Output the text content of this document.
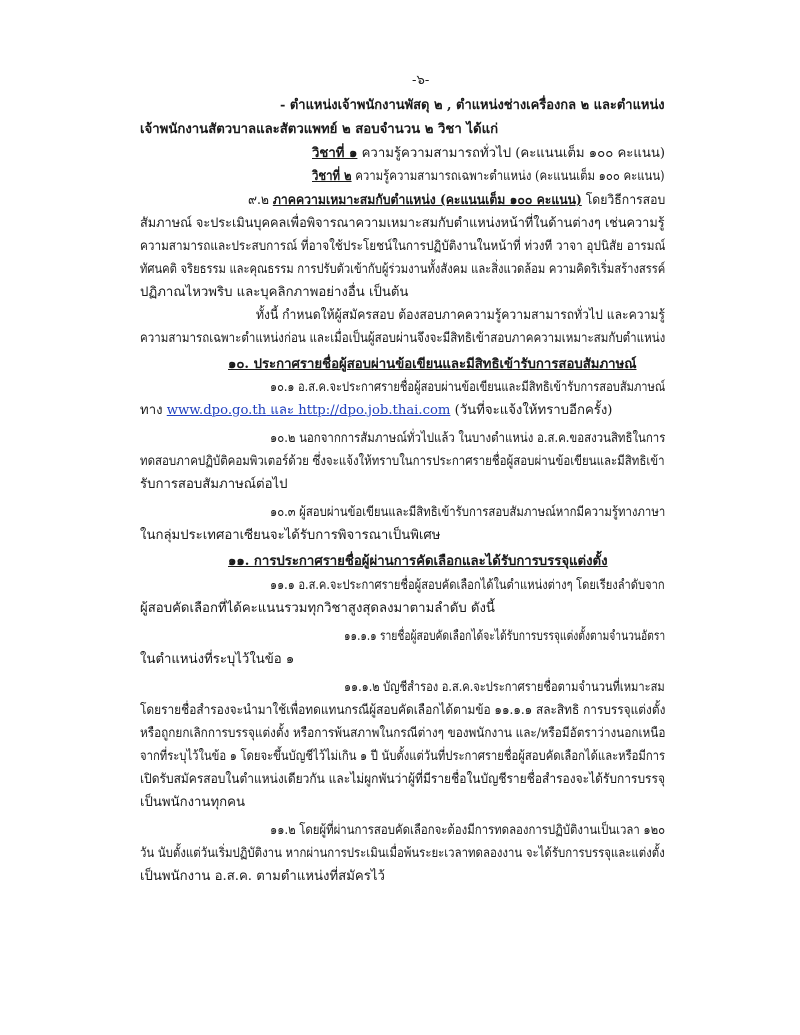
-๖-
- ตำแหน่งเจ้าพนักงานพัสดุ ๒ , ตำแหน่งช่างเครื่องกล ๒ และตำแหน่ง
เจ้าพนักงานสัตวบาลและสัตวแพทย์ ๒ สอบจำนวน ๒ วิชา ได้แก่
วิชาที่ ๑ ความรู้ความสามารถทั่วไป (คะแนนเต็ม ๑๐๐ คะแนน)
วิชาที่ ๒ ความรู้ความสามารถเฉพาะตำแหน่ง (คะแนนเต็ม ๑๐๐ คะแนน)
๙.๒ ภาคความเหมาะสมกับตำแหน่ง (คะแนนเต็ม ๑๐๐ คะแนน) โดยวิธีการสอบ
สัมภาษณ์ จะประเมินบุคคลเพื่อพิจารณาความเหมาะสมกับตำแหน่งหน้าที่ในด้านต่างๆ เช่นความรู้
ความสามารถและประสบการณ์ ที่อาจใช้ประโยชน์ในการปฏิบัติงานในหน้าที่ ท่วงที วาจา อุปนิสัย อารมณ์
ทัศนคติ จริยธรรม และคุณธรรม การปรับตัวเข้ากับผู้ร่วมงานทั้งสังคม และสิ่งแวดล้อม ความคิดริเริ่มสร้างสรรค์
ปฏิภาณไหวพริบ และบุคลิกภาพอย่างอื่น เป็นต้น
ทั้งนี้ กำหนดให้ผู้สมัครสอบ ต้องสอบภาคความรู้ความสามารถทั่วไป และความรู้
ความสามารถเฉพาะตำแหน่งก่อน และเมื่อเป็นผู้สอบผ่านจึงจะมีสิทธิเข้าสอบภาคความเหมาะสมกับตำแหน่ง
๑๐. ประกาศรายชื่อผู้สอบผ่านข้อเขียนและมีสิทธิเข้ารับการสอบสัมภาษณ์
๑๐.๑ อ.ส.ค.จะประกาศรายชื่อผู้สอบผ่านข้อเขียนและมีสิทธิเข้ารับการสอบสัมภาษณ์
ทาง www.dpo.go.th และ http://dpo.job.thai.com (วันที่จะแจ้งให้ทราบอีกครั้ง)
๑๐.๒ นอกจากการสัมภาษณ์ทั่วไปแล้ว ในบางตำแหน่ง อ.ส.ค.ขอสงวนสิทธิในการ
ทดสอบภาคปฏิบัติคอมพิวเตอร์ด้วย ซึ่งจะแจ้งให้ทราบในการประกาศรายชื่อผู้สอบผ่านข้อเขียนและมีสิทธิเข้า
รับการสอบสัมภาษณ์ต่อไป
๑๐.๓ ผู้สอบผ่านข้อเขียนและมีสิทธิเข้ารับการสอบสัมภาษณ์หากมีความรู้ทางภาษา
ในกลุ่มประเทศอาเซียนจะได้รับการพิจารณาเป็นพิเศษ
๑๑. การประกาศรายชื่อผู้ผ่านการคัดเลือกและได้รับการบรรจุแต่งตั้ง
๑๑.๑ อ.ส.ค.จะประกาศรายชื่อผู้สอบคัดเลือกได้ในตำแหน่งต่างๆ โดยเรียงลำดับจาก
ผู้สอบคัดเลือกที่ได้คะแนนรวมทุกวิชาสูงสุดลงมาตามลำดับ ดังนี้
๑๑.๑.๑ รายชื่อผู้สอบคัดเลือกได้จะได้รับการบรรจุแต่งตั้งตามจำนวนอัตรา
ในตำแหน่งที่ระบุไว้ในข้อ ๑
๑๑.๑.๒ บัญชีสำรอง อ.ส.ค.จะประกาศรายชื่อตามจำนวนที่เหมาะสม
โดยรายชื่อสำรองจะนำมาใช้เพื่อทดแทนกรณีผู้สอบคัดเลือกได้ตามข้อ ๑๑.๑.๑ สละสิทธิ การบรรจุแต่งตั้ง
หรือถูกยกเลิกการบรรจุแต่งตั้ง หรือการพ้นสภาพในกรณีต่างๆ ของพนักงาน และ/หรือมีอัตราว่างนอกเหนือ
จากที่ระบุไว้ในข้อ ๑ โดยจะขึ้นบัญชีไว้ไม่เกิน ๑ ปี นับตั้งแต่วันที่ประกาศรายชื่อผู้สอบคัดเลือกได้และหรือมีการ
เปิดรับสมัครสอบในตำแหน่งเดียวกัน และไม่ผูกพันว่าผู้ที่มีรายชื่อในบัญชีรายชื่อสำรองจะได้รับการบรรจุ
เป็นพนักงานทุกคน
๑๑.๒ โดยผู้ที่ผ่านการสอบคัดเลือกจะต้องมีการทดลองการปฏิบัติงานเป็นเวลา ๑๒๐
วัน นับตั้งแต่วันเริ่มปฏิบัติงาน หากผ่านการประเมินเมื่อพ้นระยะเวลาทดลองงาน จะได้รับการบรรจุและแต่งตั้ง
เป็นพนักงาน อ.ส.ค. ตามตำแหน่งที่สมัครไว้
